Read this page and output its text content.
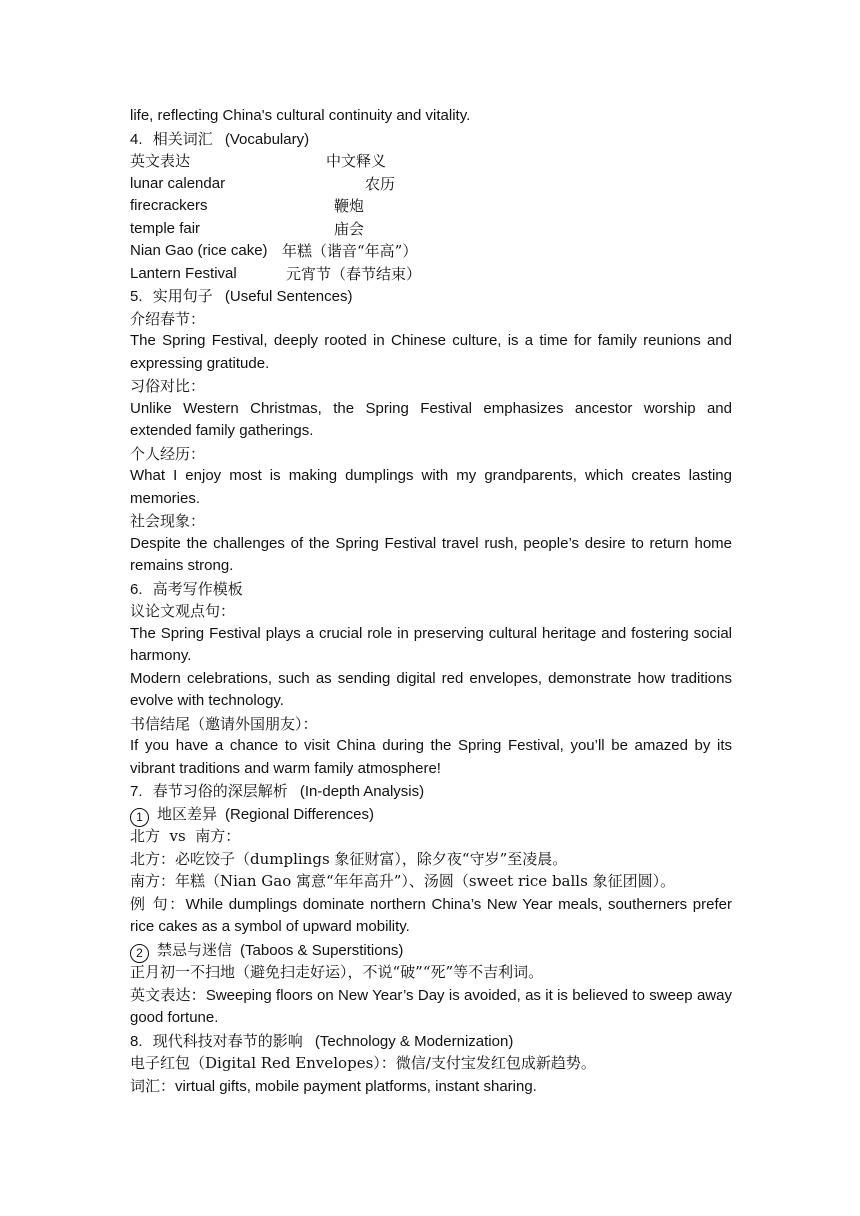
life, reflecting China's cultural continuity and vitality.
4. 相关词汇 (Vocabulary)
英文表达	中文释义
lunar calendar	农历
firecrackers	鞭炮
temple fair	庙会
Nian Gao (rice cake) 年糕（谐音“年高”）
Lantern Festival	元宵节（春节结束）
5. 实用句子 (Useful Sentences)
介绍春节：
The Spring Festival, deeply rooted in Chinese culture, is a time for family reunions and expressing gratitude.
习俗对比：
Unlike Western Christmas, the Spring Festival emphasizes ancestor worship and extended family gatherings.
个人经历：
What I enjoy most is making dumplings with my grandparents, which creates lasting memories.
社会现象：
Despite the challenges of the Spring Festival travel rush, people’s desire to return home remains strong.
6. 高考写作模板
议论文观点句：
The Spring Festival plays a crucial role in preserving cultural heritage and fostering social harmony.
Modern celebrations, such as sending digital red envelopes, demonstrate how traditions evolve with technology.
书信结尾（邀请外国朋友）：
If you have a chance to visit China during the Spring Festival, you’ll be amazed by its vibrant traditions and warm family atmosphere!
7. 春节习俗的深层解析 (In-depth Analysis)
1 地区差异 (Regional Differences)
北方  vs  南方：
北方：必吃饺子（dumplings 象征财富），除夕夜“守岁”至凌晨。
南方：年糕（Nian Gao 寓意“年年高升”）、汤圆（sweet rice balls 象征团圆）。
例 句：While dumplings dominate northern China’s New Year meals, southerners prefer rice cakes as a symbol of upward mobility.
2 禁忌与迷信 (Taboos & Superstitions)
正月初一不扫地（避免扫走好运），不说“破”“死”等不吉利词。
英文表达：Sweeping floors on New Year’s Day is avoided, as it is believed to sweep away good fortune.
8. 现代科技对春节的影响 (Technology & Modernization)
电子红包（Digital Red Envelopes）：微信/支付宝发红包成新趋势。
词汇：virtual gifts, mobile payment platforms, instant sharing.
